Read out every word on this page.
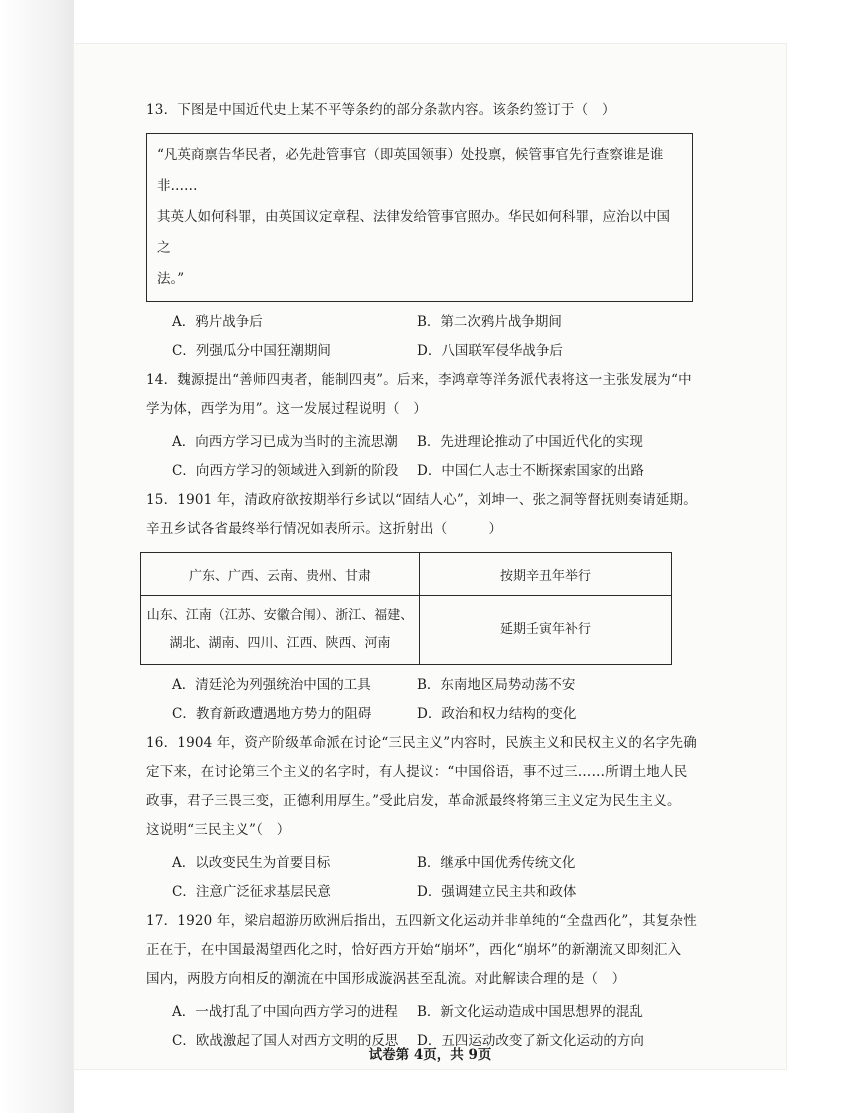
13．下图是中国近代史上某不平等条约的部分条款内容。该条约签订于（　）

“凡英商禀告华民者，必先赴管事官（即英国领事）处投禀，候管事官先行查察谁是谁非……
其英人如何科罪，由英国议定章程、法律发给管事官照办。华民如何科罪，应治以中国之
法。”
A．鸦片战争后	B．第二次鸦片战争期间
C．列强瓜分中国狂潮期间	D．八国联军侵华战争后

14．魏源提出“善师四夷者，能制四夷”。后来，李鸿章等洋务派代表将这一主张发展为“中

学为体，西学为用”。这一发展过程说明（　）

A．向西方学习已成为当时的主流思潮	B．先进理论推动了中国近代化的实现
C．向西方学习的领域进入到新的阶段	D．中国仁人志士不断探索国家的出路

15．1901 年，清政府欲按期举行乡试以“固结人心”，刘坤一、张之洞等督抚则奏请延期。

辛丑乡试各省最终举行情况如表所示。这折射出（　　　）

广东、广西、云南、贵州、甘肃	按期辛丑年举行

山东、江南（江苏、安徽合闱）、浙江、福建、
湖北、湖南、四川、江西、陕西、河南	延期壬寅年补行
A．清廷沦为列强统治中国的工具	B．东南地区局势动荡不安
C．教育新政遭遇地方势力的阻碍	D．政治和权力结构的变化

16．1904 年，资产阶级革命派在讨论“三民主义”内容时，民族主义和民权主义的名字先确

定下来，在讨论第三个主义的名字时，有人提议：“中国俗语，事不过三……所谓土地人民

政事，君子三畏三变，正德利用厚生。”受此启发，革命派最终将第三主义定为民生主义。

这说明“三民主义”（　）

A．以改变民生为首要目标	B．继承中国优秀传统文化
C．注意广泛征求基层民意	D．强调建立民主共和政体

17．1920 年，梁启超游历欧洲后指出，五四新文化运动并非单纯的“全盘西化”，其复杂性

正在于，在中国最渴望西化之时，恰好西方开始“崩坏”，西化“崩坏”的新潮流又即刻汇入

国内，两股方向相反的潮流在中国形成漩涡甚至乱流。对此解读合理的是（　）

A．一战打乱了中国向西方学习的进程	B．新文化运动造成中国思想界的混乱
C．欧战激起了国人对西方文明的反思	D．五四运动改变了新文化运动的方向
试卷第 4页，共 9页
